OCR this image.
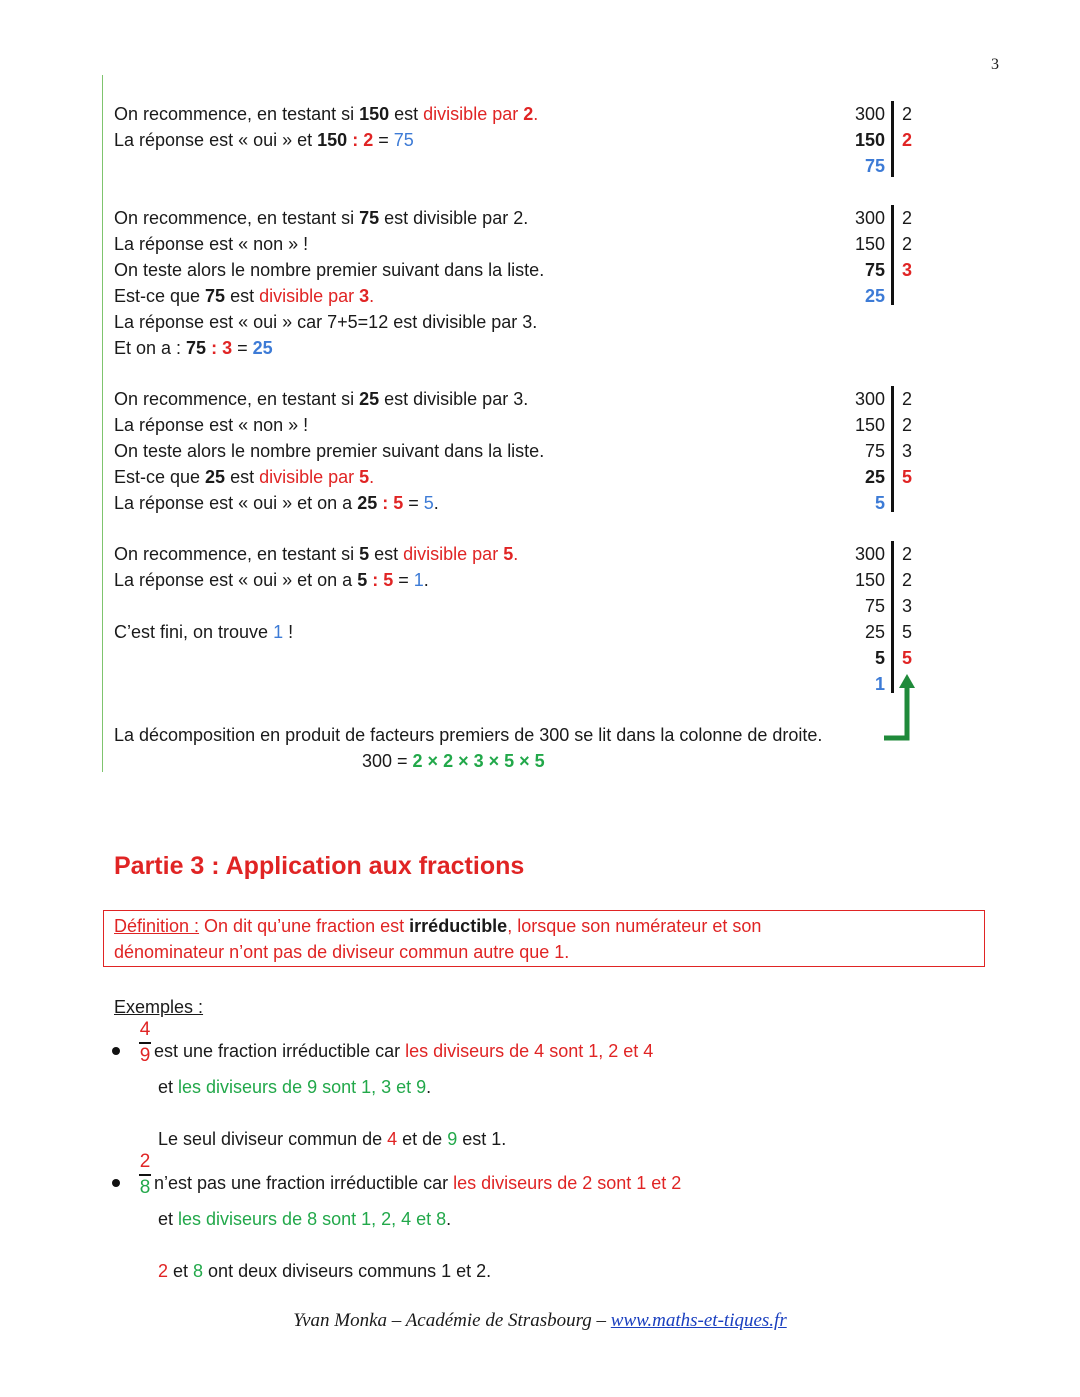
3
On recommence, en testant si 150 est divisible par 2.
La réponse est « oui » et 150 : 2 = 75
300 2
150 2
75
On recommence, en testant si 75 est divisible par 2.
La réponse est « non » !
On teste alors le nombre premier suivant dans la liste.
Est-ce que 75 est divisible par 3.
La réponse est « oui » car 7+5=12 est divisible par 3.
Et on a : 75 : 3 = 25
300 2
150 2
75 3
25
On recommence, en testant si 25 est divisible par 3.
La réponse est « non » !
On teste alors le nombre premier suivant dans la liste.
Est-ce que 25 est divisible par 5.
La réponse est « oui » et on a 25 : 5 = 5.
300 2
150 2
75 3
25 5
5
On recommence, en testant si 5 est divisible par 5.
La réponse est « oui » et on a 5 : 5 = 1.
C’est fini, on trouve 1 !
300 2
150 2
75 3
25 5
5 5
1
La décomposition en produit de facteurs premiers de 300 se lit dans la colonne de droite.
300 = 2 × 2 × 3 × 5 × 5
Partie 3 : Application aux fractions
Définition : On dit qu’une fraction est irréductible, lorsque son numérateur et son
dénominateur n’ont pas de diviseur commun autre que 1.
Exemples :
4
9 est une fraction irréductible car les diviseurs de 4 sont 1, 2 et 4
et les diviseurs de 9 sont 1, 3 et 9.
Le seul diviseur commun de 4 et de 9 est 1.
2
8 n’est pas une fraction irréductible car les diviseurs de 2 sont 1 et 2
et les diviseurs de 8 sont 1, 2, 4 et 8.
2 et 8 ont deux diviseurs communs 1 et 2.
Yvan Monka – Académie de Strasbourg – www.maths-et-tiques.fr
